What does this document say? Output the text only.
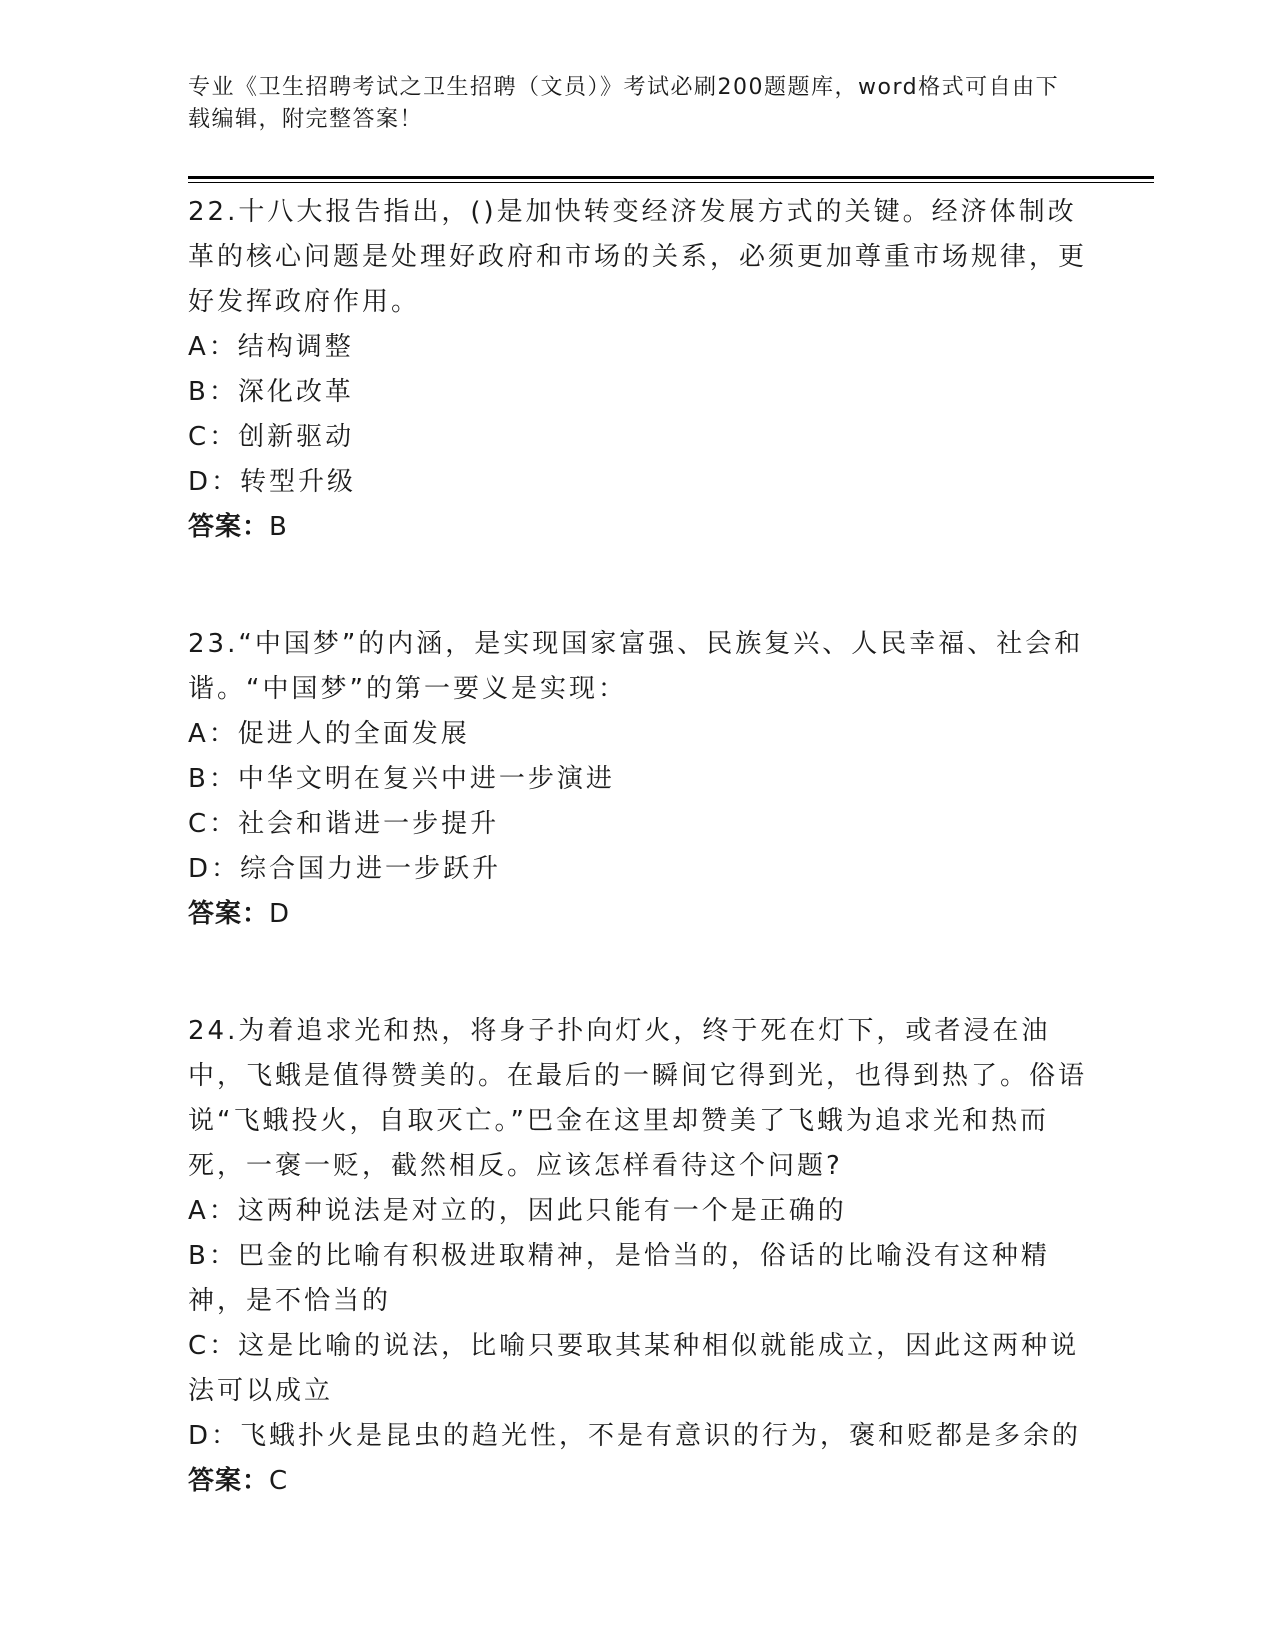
专业《卫生招聘考试之卫生招聘（文员）》考试必刷200题题库，word格式可自由下载编辑，附完整答案！

22.十八大报告指出，()是加快转变经济发展方式的关键。经济体制改革的核心问题是处理好政府和市场的关系，必须更加尊重市场规律，更好发挥政府作用。

A：结构调整

B：深化改革

C：创新驱动

D：转型升级

答案：B

23.“中国梦”的内涵，是实现国家富强、民族复兴、人民幸福、社会和谐。“中国梦”的第一要义是实现：

A：促进人的全面发展

B：中华文明在复兴中进一步演进

C：社会和谐进一步提升

D：综合国力进一步跃升

答案：D

24.为着追求光和热，将身子扑向灯火，终于死在灯下，或者浸在油中，飞蛾是值得赞美的。在最后的一瞬间它得到光，也得到热了。俗语说“飞蛾投火，自取灭亡。”巴金在这里却赞美了飞蛾为追求光和热而死，一褒一贬，截然相反。应该怎样看待这个问题?

A：这两种说法是对立的，因此只能有一个是正确的

B：巴金的比喻有积极进取精神，是恰当的，俗话的比喻没有这种精神，是不恰当的

C：这是比喻的说法，比喻只要取其某种相似就能成立，因此这两种说法可以成立

D：飞蛾扑火是昆虫的趋光性，不是有意识的行为，褒和贬都是多余的

答案：C
